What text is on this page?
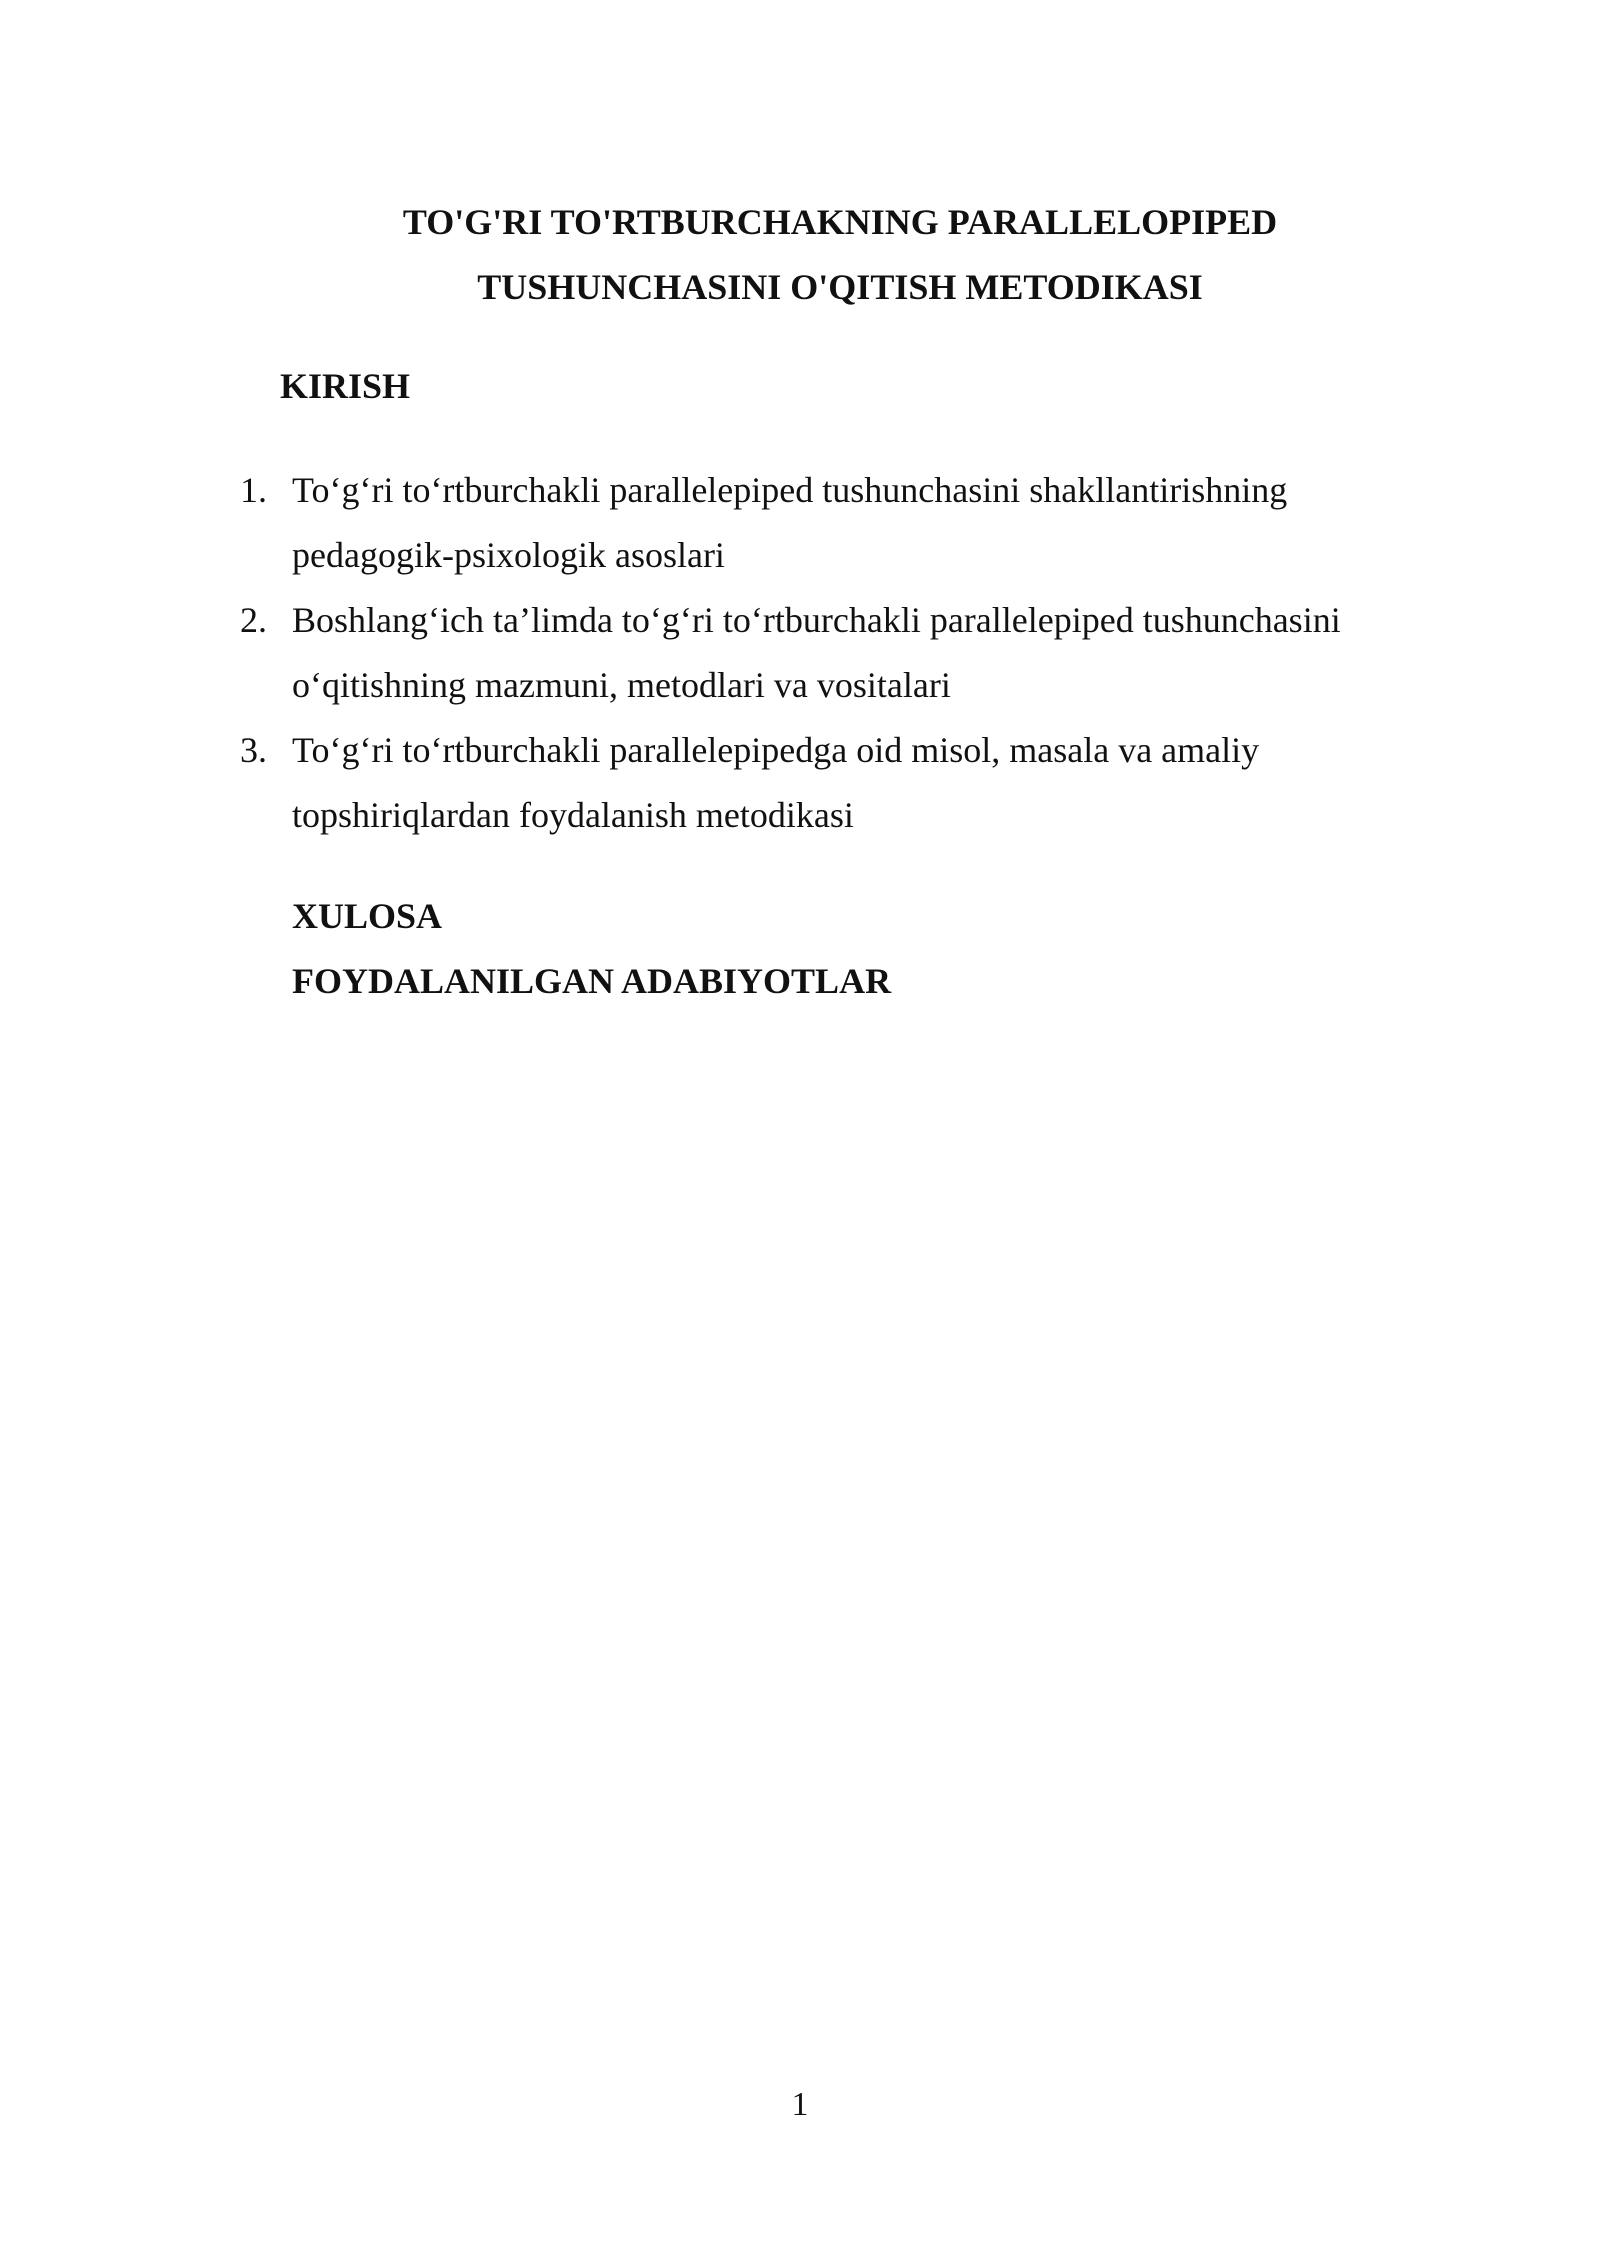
TO'G'RI TO'RTBURCHAKNING PARALLELOPIPED
TUSHUNCHASINI O'QITISH METODIKASI
KIRISH
1. To‘g‘ri to‘rtburchakli parallelepiped tushunchasini shakllantirishning
pedagogik-psixologik asoslari
2. Boshlang‘ich ta’limda to‘g‘ri to‘rtburchakli parallelepiped tushunchasini
o‘qitishning mazmuni, metodlari va vositalari
3. To‘g‘ri to‘rtburchakli parallelepipedga oid misol, masala va amaliy
topshiriqlardan foydalanish metodikasi
XULOSA
FOYDALANILGAN ADABIYOTLAR
1
